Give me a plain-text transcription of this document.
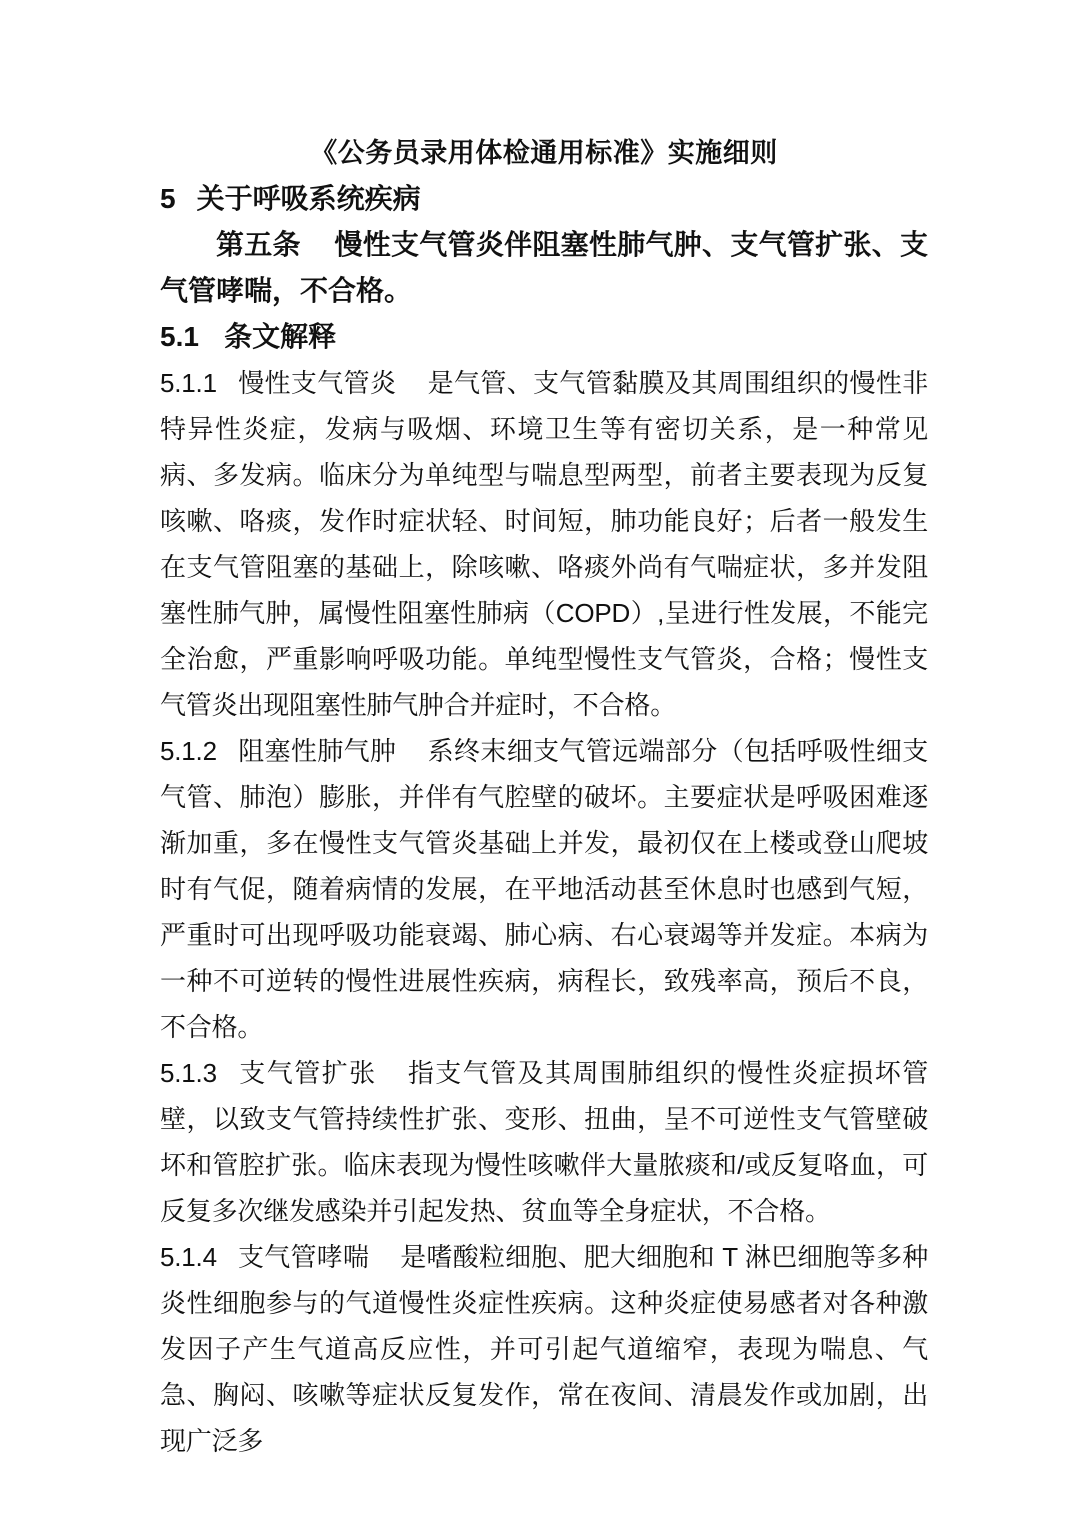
《公务员录用体检通用标准》实施细则
5 关于呼吸系统疾病

第五条 慢性支气管炎伴阻塞性肺气肿、支气管扩张、支气管哮喘，不合格。

5.1 条文解释

5.1.1 慢性支气管炎 是气管、支气管黏膜及其周围组织的慢性非特异性炎症，发病与吸烟、环境卫生等有密切关系，是一种常见病、多发病。临床分为单纯型与喘息型两型，前者主要表现为反复咳嗽、咯痰，发作时症状轻、时间短，肺功能良好；后者一般发生在支气管阻塞的基础上，除咳嗽、咯痰外尚有气喘症状，多并发阻塞性肺气肿，属慢性阻塞性肺病（COPD）,呈进行性发展，不能完全治愈，严重影响呼吸功能。单纯型慢性支气管炎，合格；慢性支气管炎出现阻塞性肺气肿合并症时，不合格。

5.1.2 阻塞性肺气肿 系终末细支气管远端部分（包括呼吸性细支气管、肺泡）膨胀，并伴有气腔壁的破坏。主要症状是呼吸困难逐渐加重，多在慢性支气管炎基础上并发，最初仅在上楼或登山爬坡时有气促，随着病情的发展，在平地活动甚至休息时也感到气短，严重时可出现呼吸功能衰竭、肺心病、右心衰竭等并发症。本病为一种不可逆转的慢性进展性疾病，病程长，致残率高，预后不良，不合格。

5.1.3 支气管扩张 指支气管及其周围肺组织的慢性炎症损坏管壁，以致支气管持续性扩张、变形、扭曲，呈不可逆性支气管壁破坏和管腔扩张。临床表现为慢性咳嗽伴大量脓痰和/或反复咯血，可反复多次继发感染并引起发热、贫血等全身症状，不合格。

5.1.4 支气管哮喘 是嗜酸粒细胞、肥大细胞和 T 淋巴细胞等多种炎性细胞参与的气道慢性炎症性疾病。这种炎症使易感者对各种激发因子产生气道高反应性，并可引起气道缩窄，表现为喘息、气急、胸闷、咳嗽等症状反复发作，常在夜间、清晨发作或加剧，出现广泛多
